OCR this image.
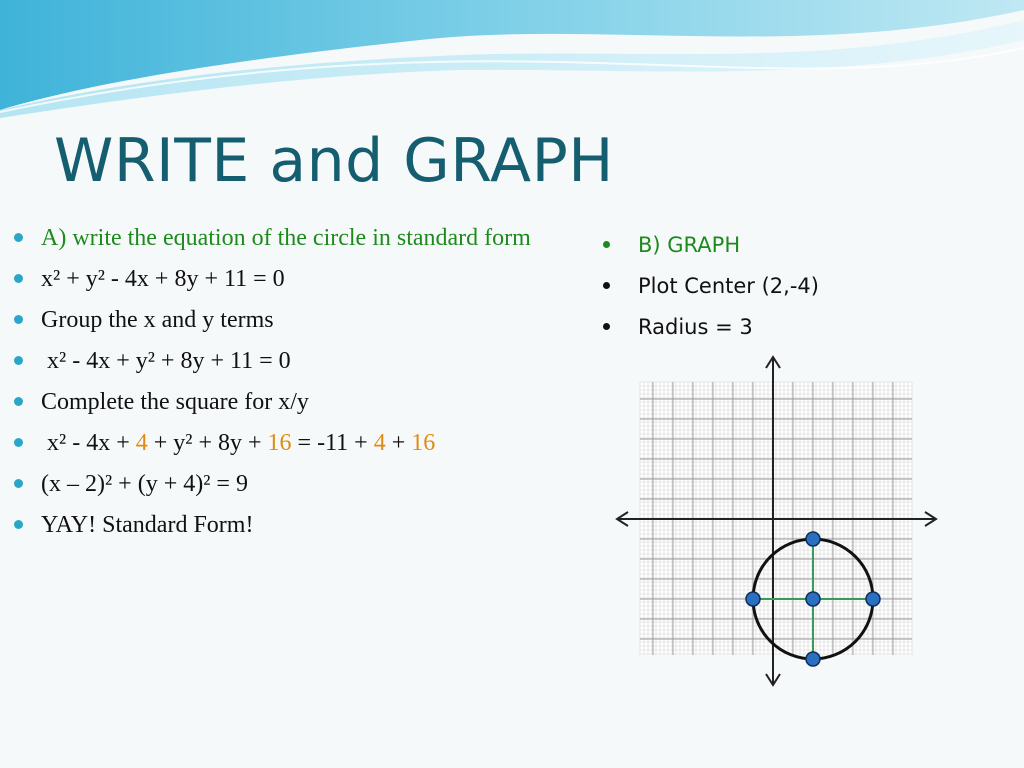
WRITE and GRAPH
A) write the equation of the circle in standard form
x² + y² - 4x + 8y + 11 = 0
Group the x and y terms
x² - 4x + y² + 8y + 11 = 0
Complete the square for x/y
x² - 4x + 4 + y² + 8y + 16 = -11 + 4 + 16
(x – 2)² + (y + 4)² = 9
YAY! Standard Form!
B) GRAPH
Plot Center (2,-4)
Radius = 3
